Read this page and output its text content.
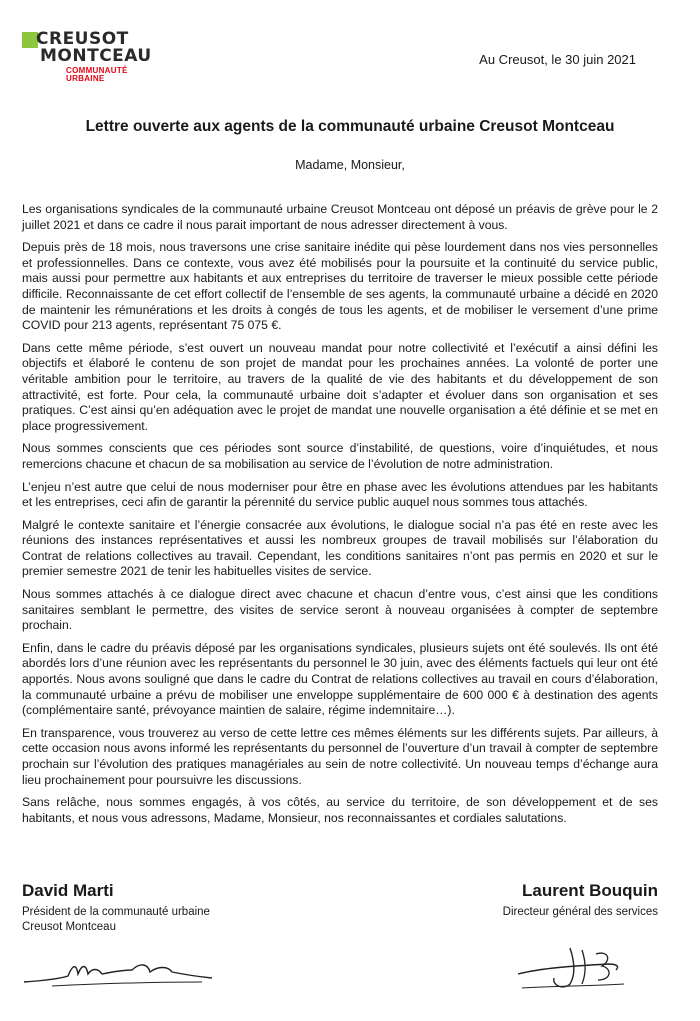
CREUSOT
MONTCEAU
COMMUNAUTÉ
URBAINE
Au Creusot, le 30 juin 2021
Lettre ouverte aux agents de la communauté urbaine Creusot Montceau
Madame, Monsieur,

Les organisations syndicales de la communauté urbaine Creusot Montceau ont déposé un préavis de grève pour le 2 juillet 2021 et dans ce cadre il nous parait important de nous adresser directement à vous.

Depuis près de 18 mois, nous traversons une crise sanitaire inédite qui pèse lourdement dans nos vies personnelles et professionnelles. Dans ce contexte, vous avez été mobilisés pour la poursuite et la continuité du service public, mais aussi pour permettre aux habitants et aux entreprises du territoire de traverser le mieux possible cette période difficile. Reconnaissante de cet effort collectif de l’ensemble de ses agents, la communauté urbaine a décidé en 2020 de maintenir les rémunérations et les droits à congés de tous les agents, et de mobiliser le versement d’une prime COVID pour 213 agents, représentant 75 075 €.

Dans cette même période, s’est ouvert un nouveau mandat pour notre collectivité et l’exécutif a ainsi défini les objectifs et élaboré le contenu de son projet de mandat pour les prochaines années. La volonté de porter une véritable ambition pour le territoire, au travers de la qualité de vie des habitants et du développement de son attractivité, est forte. Pour cela, la communauté urbaine doit s’adapter et évoluer dans son organisation et ses pratiques. C’est ainsi qu’en adéquation avec le projet de mandat une nouvelle organisation a été définie et se met en place progressivement.

Nous sommes conscients que ces périodes sont source d’instabilité, de questions, voire d’inquiétudes, et nous remercions chacune et chacun de sa mobilisation au service de l’évolution de notre administration.

L’enjeu n’est autre que celui de nous moderniser pour être en phase avec les évolutions attendues par les habitants et les entreprises, ceci afin de garantir la pérennité du service public auquel nous sommes tous attachés.

Malgré le contexte sanitaire et l’énergie consacrée aux évolutions, le dialogue social n’a pas été en reste avec les réunions des instances représentatives et aussi les nombreux groupes de travail mobilisés sur l’élaboration du Contrat de relations collectives au travail. Cependant, les conditions sanitaires n’ont pas permis en 2020 et sur le premier semestre 2021 de tenir les habituelles visites de service.

Nous sommes attachés à ce dialogue direct avec chacune et chacun d’entre vous, c’est ainsi que les conditions sanitaires semblant le permettre, des visites de service seront à nouveau organisées à compter de septembre prochain.

Enfin, dans le cadre du préavis déposé par les organisations syndicales, plusieurs sujets ont été soulevés. Ils ont été abordés lors d’une réunion avec les représentants du personnel le 30 juin, avec des éléments factuels qui leur ont été apportés. Nous avons souligné que dans le cadre du Contrat de relations collectives au travail en cours d’élaboration, la communauté urbaine a prévu de mobiliser une enveloppe supplémentaire de 600 000 € à destination des agents (complémentaire santé, prévoyance maintien de salaire, régime indemnitaire…).

En transparence, vous trouverez au verso de cette lettre ces mêmes éléments sur les différents sujets. Par ailleurs, à cette occasion nous avons informé les représentants du personnel de l’ouverture d’un travail à compter de septembre prochain sur l’évolution des pratiques managériales au sein de notre collectivité. Un nouveau temps d’échange aura lieu prochainement pour poursuivre les discussions.

Sans relâche, nous sommes engagés, à vos côtés, au service du territoire, de son développement et de ses habitants, et nous vous adressons, Madame, Monsieur, nos reconnaissantes et cordiales salutations.

David Marti
Président de la communauté urbaine
Creusot Montceau
Laurent Bouquin
Directeur général des services
